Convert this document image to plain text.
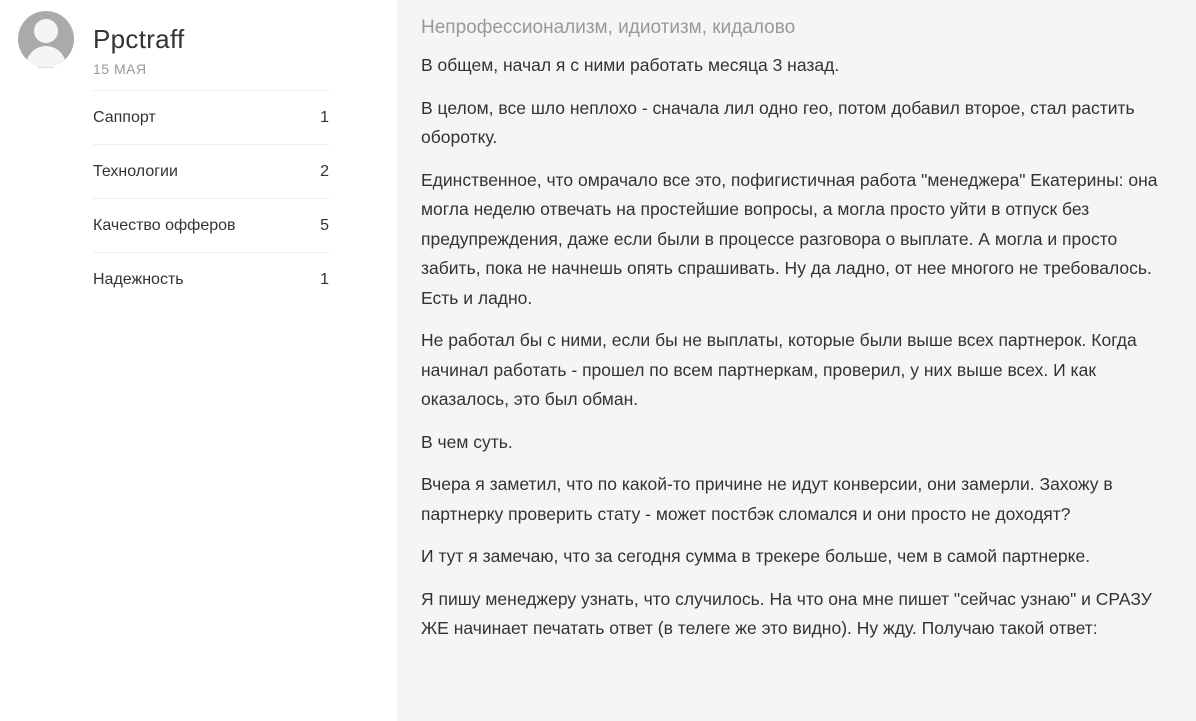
Ppctraff
15 МАЯ
Саппорт	1
Технологии	2
Качество офферов	5
Надежность	1
Непрофессионализм, идиотизм, кидалово

В общем, начал я с ними работать месяца 3 назад.

В целом, все шло неплохо - сначала лил одно гео, потом добавил второе, стал растить оборотку.

Единственное, что омрачало все это, пофигистичная работа "менеджера" Екатерины: она могла неделю отвечать на простейшие вопросы, а могла просто уйти в отпуск без предупреждения, даже если были в процессе разговора о выплате. А могла и просто забить, пока не начнешь опять спрашивать. Ну да ладно, от нее многого не требовалось. Есть и ладно.

Не работал бы с ними, если бы не выплаты, которые были выше всех партнерок. Когда начинал работать - прошел по всем партнеркам, проверил, у них выше всех. И как оказалось, это был обман.

В чем суть.

Вчера я заметил, что по какой-то причине не идут конверсии, они замерли. Захожу в партнерку проверить стату - может постбэк сломался и они просто не доходят?

И тут я замечаю, что за сегодня сумма в трекере больше, чем в самой партнерке.

Я пишу менеджеру узнать, что случилось. На что она мне пишет "сейчас узнаю" и СРАЗУ ЖЕ начинает печатать ответ (в телеге же это видно). Ну жду. Получаю такой ответ:
